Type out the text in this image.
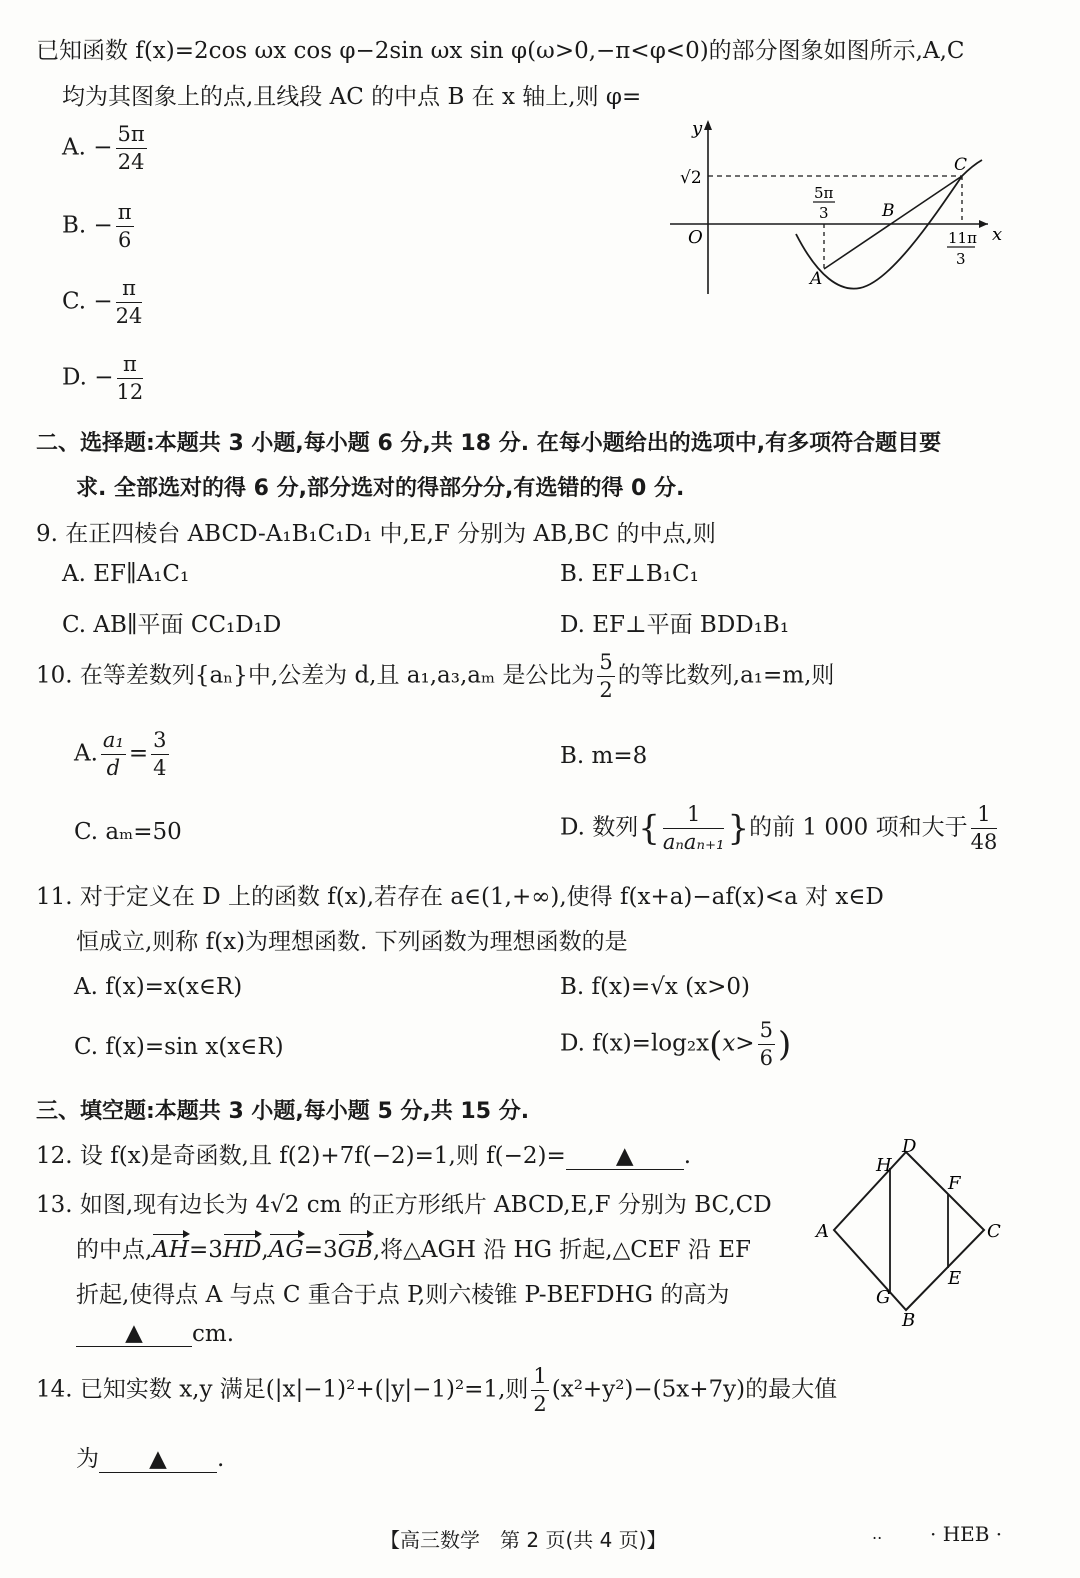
已知函数 f(x)=2cos ωx cos φ−2sin ωx sin φ(ω>0,−π<φ<0)的部分图象如图所示,A,C
均为其图象上的点,且线段 AC 的中点 B 在 x 轴上,则 φ=
A. − $\frac{5\pi}{24}$
B. − $\frac{\pi}{6}$
C. − $\frac{\pi}{24}$
D. − $\frac{\pi}{12}$
y
x
O
√2
5π
3
11π
3
A
B
C
二、选择题:本题共 3 小题,每小题 6 分,共 18 分. 在每小题给出的选项中,有多项符合题目要
求. 全部选对的得 6 分,部分选对的得部分分,有选错的得 0 分.
9. 在正四棱台 ABCD-A₁B₁C₁D₁ 中,E,F 分别为 AB,BC 的中点,则
A. EF∥A₁C₁	B. EF⊥B₁C₁
C. AB∥平面 CC₁D₁D	D. EF⊥平面 BDD₁B₁
10. 在等差数列{aₙ}中,公差为 d,且 a₁,a₃,aₘ 是公比为 $\frac{5}{2}$ 的等比数列,a₁=m,则
A. $\frac{\text{a₁}}{d} = \frac{3}{4}$	B. m=8
C. aₘ=50	D. 数列{ $\frac{1}{\text{aₙaₙ₊₁}}$ }的前 1 000 项和大于 $\frac{1}{48}$
11. 对于定义在 D 上的函数 f(x),若存在 a∈(1,+∞),使得 f(x+a)−af(x)<a 对 x∈D
恒成立,则称 f(x)为理想函数. 下列函数为理想函数的是
A. f(x)=x(x∈R)	B. f(x)=√x (x>0)
C. f(x)=sin x(x∈R)	D. $f(x)=\log_2x(x> \frac{5}{6}$ )
三、填空题:本题共 3 小题,每小题 5 分,共 15 分.
12. 设 f(x)是奇函数,且 f(2)+7f(−2)=1,则 f(−2)= ▲ .
13. 如图,现有边长为 4√2 cm 的正方形纸片 ABCD,E,F 分别为 BC,CD
的中点,AH=3HD,AG=3GB,将△AGH 沿 HG 折起,△CEF 沿 EF
折起,使得点 A 与点 C 重合于点 P,则六棱锥 P-BEFDHG 的高为
▲ cm.
D
H
F
A	C
E
G
B
14. 已知实数 x,y 满足(|x|−1)²+(|y|−1)²=1,则 $\frac{1}{2} (x^2+y^2)-(5x+7y)$的最大值
为 ▲ .
【高三数学　第 2 页(共 4 页)】	.. · HEB ·
